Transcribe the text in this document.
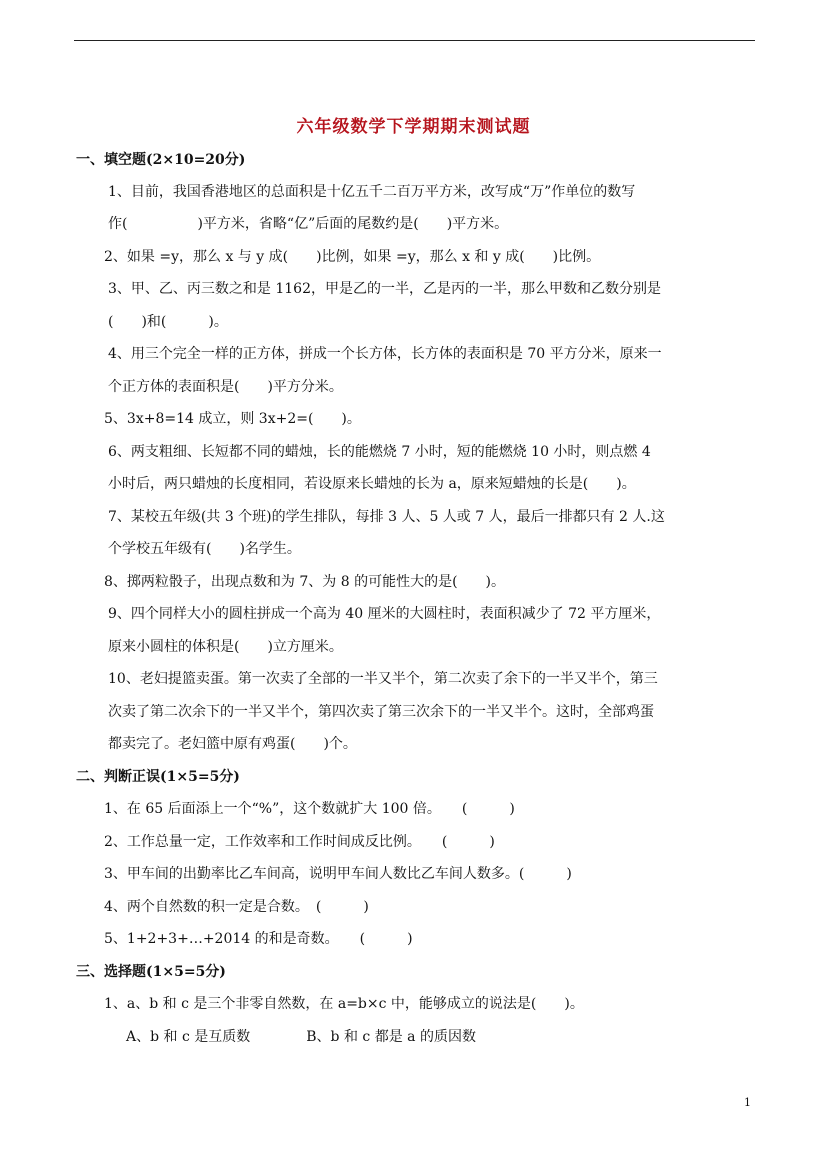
六年级数学下学期期末测试题
一、填空题(2×10=20分)
1、目前，我国香港地区的总面积是十亿五千二百万平方米，改写成“万”作单位的数写
作(　　　　　)平方米，省略“亿”后面的尾数约是(　　)平方米。
2、如果 =y，那么 x 与 y 成(　　)比例，如果 =y，那么 x 和 y 成(　　)比例。
3、甲、乙、丙三数之和是 1162，甲是乙的一半，乙是丙的一半，那么甲数和乙数分别是
(　　)和(　　　)。
4、用三个完全一样的正方体，拼成一个长方体，长方体的表面积是 70 平方分米，原来一
个正方体的表面积是(　　)平方分米。
5、3x+8=14 成立，则 3x+2=(　　)。
6、两支粗细、长短都不同的蜡烛，长的能燃烧 7 小时，短的能燃烧 10 小时，则点燃 4
小时后，两只蜡烛的长度相同，若设原来长蜡烛的长为 a，原来短蜡烛的长是(　　)。
7、某校五年级(共 3 个班)的学生排队，每排 3 人、5 人或 7 人，最后一排都只有 2 人.这
个学校五年级有(　　)名学生。
8、掷两粒骰子，出现点数和为 7、为 8 的可能性大的是(　　)。
9、四个同样大小的圆柱拼成一个高为 40 厘米的大圆柱时，表面积减少了 72 平方厘米，
原来小圆柱的体积是(　　)立方厘米。
10、老妇提篮卖蛋。第一次卖了全部的一半又半个，第二次卖了余下的一半又半个，第三
次卖了第二次余下的一半又半个，第四次卖了第三次余下的一半又半个。这时，全部鸡蛋
都卖完了。老妇篮中原有鸡蛋(　　)个。
二、判断正误(1×5=5分)
1、在 65 后面添上一个“%”，这个数就扩大 100 倍。　　(　　　)
2、工作总量一定，工作效率和工作时间成反比例。　　(　　　)
3、甲车间的出勤率比乙车间高，说明甲车间人数比乙车间人数多。(　　　)
4、两个自然数的积一定是合数。　(　　　)
5、1+2+3+…+2014 的和是奇数。　　(　　　)
三、选择题(1×5=5分)
1、a、b 和 c 是三个非零自然数，在 a=b×c 中，能够成立的说法是(　　)。
A、b 和 c 是互质数　　　　B、b 和 c 都是 a 的质因数
1
